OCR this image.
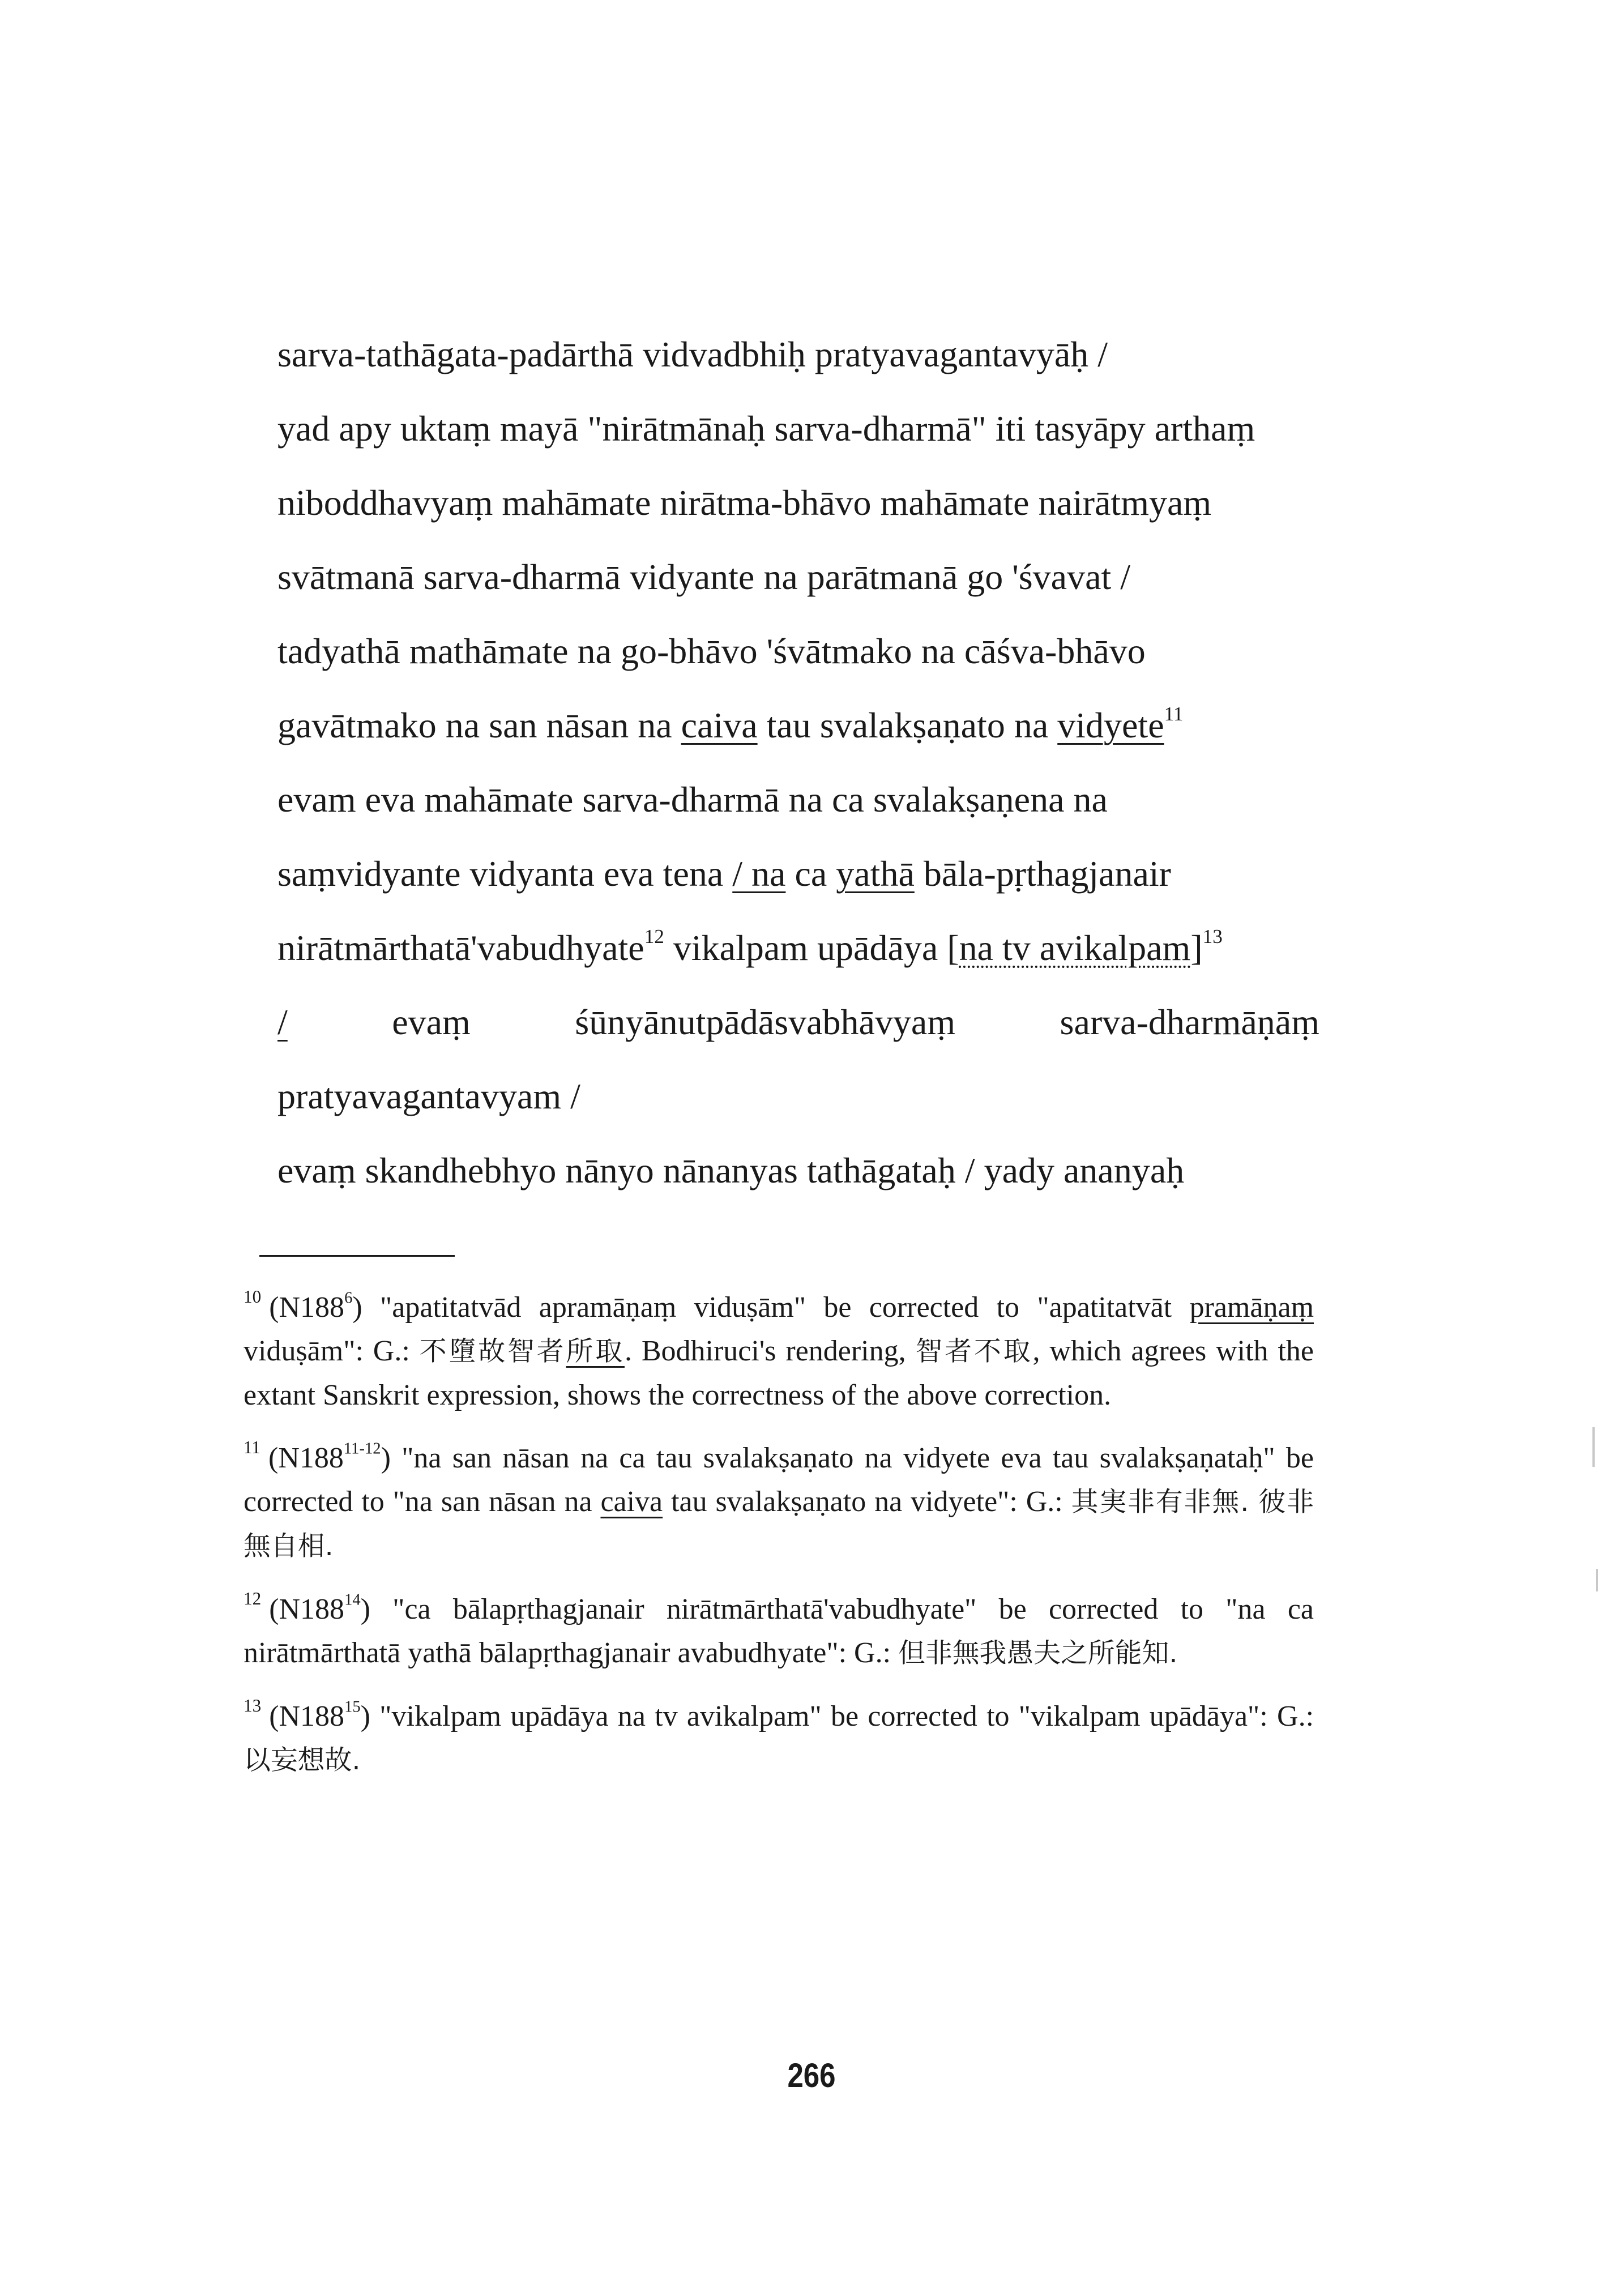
sarva-tathāgata-padārthā vidvadbhiḥ pratyavagantavyāḥ /
yad apy uktaṃ mayā "nirātmānaḥ sarva-dharmā" iti tasyāpy arthaṃ
niboddhavyaṃ mahāmate nirātma-bhāvo mahāmate nairātmyaṃ
svātmanā sarva-dharmā vidyante na parātmanā go 'śvavat /
tadyathā mathāmate na go-bhāvo 'śvātmako na cāśva-bhāvo
gavātmako na san nāsan na caiva tau svalakṣaṇato na vidyete$^{11}$
evam eva mahāmate sarva-dharmā na ca svalakṣaṇena na
saṃvidyante vidyanta eva tena / na ca yathā bāla-pṛthagjanair
nirātmārthatā'vabudhyate$^{12}$ vikalpam upādāya [na tv avikalpam]$^{13}$
/	evaṃ	śūnyānutpādāsvabhāvyaṃ	sarva-dharmāṇāṃ
pratyavagantavyam /
evaṃ skandhebhyo nānyo nānanyas tathāgataḥ / yady ananyaḥ
$^{10}$ $(N188^6)$ "apatitatvād apramāṇaṃ viduṣām" be corrected to "apatitatvāt pramāṇaṃ viduṣām": G.: 不墮故智者所取. Bodhiruci's rendering, 智者不取, which agrees with the extant Sanskrit expression, shows the correctness of the above correction.
$^{11}$ (N188$^{11-12}$) "na san nāsan na ca tau svalakṣaṇato na vidyete eva tau svalakṣaṇataḥ" be corrected to "na san nāsan na caiva tau svalakṣaṇato na vidyete": G.: 其実非有非無. 彼非無自相.
$^{12}$ $(N188^{14})$ "ca bālapṛthagjanair nirātmārthatā'vabudhyate" be corrected to "na ca nirātmārthatā yathā bālapṛthagjanair avabudhyate": G.: 但非無我愚夫之所能知.
$^{13}$ $(N188^{15})$ "vikalpam upādāya na tv avikalpam" be corrected to "vikalpam upādāya": G.: 以妄想故.
266
